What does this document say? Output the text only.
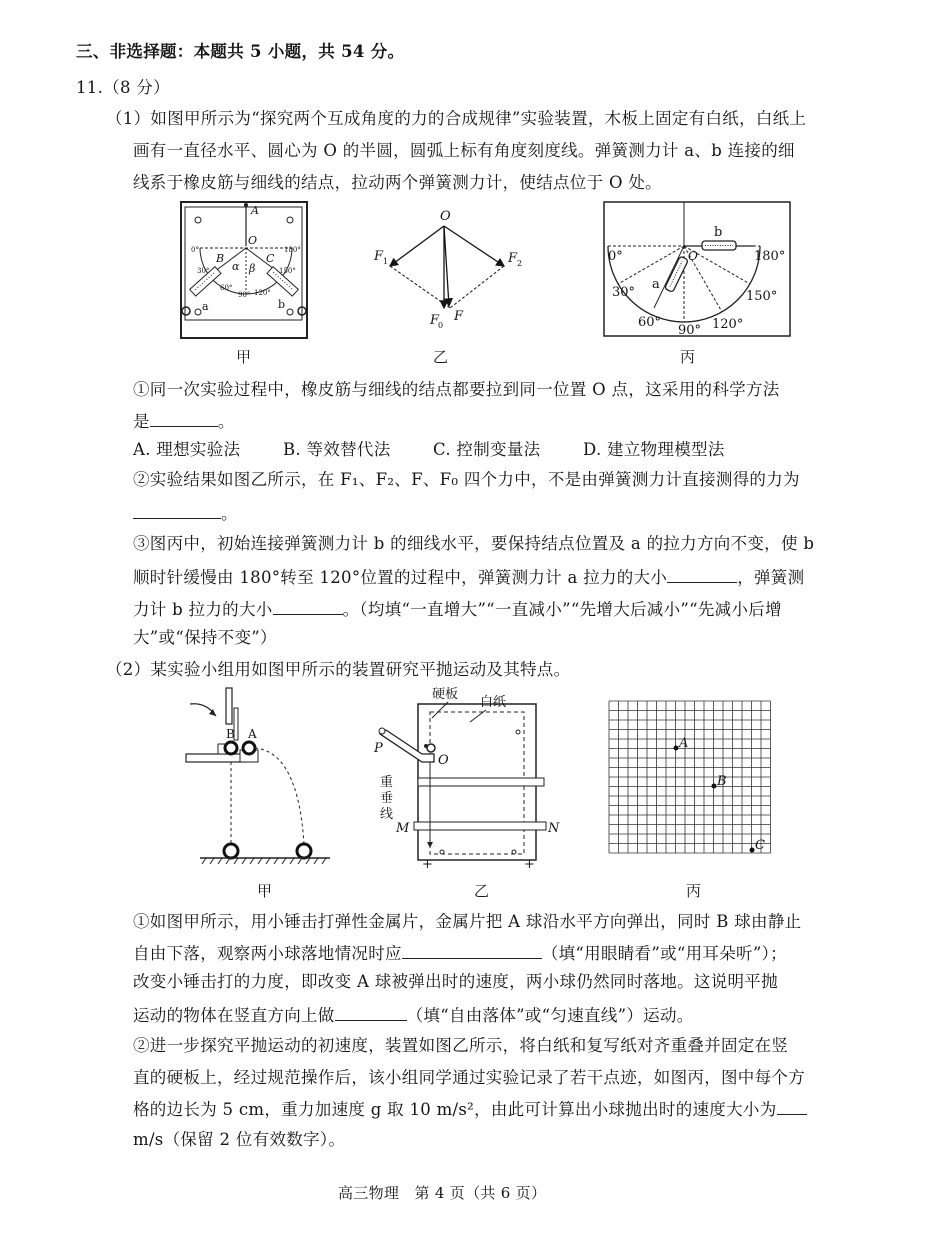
三、非选择题：本题共 5 小题，共 54 分。
11.（8 分）
（1）如图甲所示为“探究两个互成角度的力的合成规律”实验装置，木板上固定有白纸，白纸上
画有一直径水平、圆心为 O 的半圆，圆弧上标有角度刻度线。弹簧测力计 a、b 连接的细
线系于橡皮筋与细线的结点，拉动两个弹簧测力计，使结点位于 O 处。
A
O
B	C
α β
a	b
0°
30°
60°
90° 120°
150°
180°
甲
O
F 1	F 2
F
0
F
乙
b
a
O
0°
30°
60°
90° 120°
150°
180°
丙
①同一次实验过程中，橡皮筋与细线的结点都要拉到同一位置 O 点，这采用的科学方法
是	。
A. 理想实验法	B. 等效替代法	C. 控制变量法	D. 建立物理模型法
②实验结果如图乙所示，在 F₁、F₂、F、F₀ 四个力中，不是由弹簧测力计直接测得的力为
。
③图丙中，初始连接弹簧测力计 b 的细线水平，要保持结点位置及 a 的拉力方向不变，使 b
顺时针缓慢由 180°转至 120°位置的过程中，弹簧测力计 a 拉力的大小	，弹簧测
力计 b 拉力的大小	。（均填“一直增大”“一直减小”“先增大后减小”“先减小后增
大”或“保持不变”）
（2）某实验小组用如图甲所示的装置研究平抛运动及其特点。
B A
甲
硬板
白纸
P
O
重
垂
线
M	N
+	+
乙
A
B
C
丙
①如图甲所示，用小锤击打弹性金属片，金属片把 A 球沿水平方向弹出，同时 B 球由静止
自由下落，观察两小球落地情况时应	（填“用眼睛看”或“用耳朵听”）；
改变小锤击打的力度，即改变 A 球被弹出时的速度，两小球仍然同时落地。这说明平抛
运动的物体在竖直方向上做	（填“自由落体”或“匀速直线”）运动。
②进一步探究平抛运动的初速度，装置如图乙所示，将白纸和复写纸对齐重叠并固定在竖
直的硬板上，经过规范操作后，该小组同学通过实验记录了若干点迹，如图丙，图中每个方
格的边长为 5 cm，重力加速度 g 取 10 m/s²，由此可计算出小球抛出时的速度大小为
m/s（保留 2 位有效数字）。
高三物理　第 4 页（共 6 页）
